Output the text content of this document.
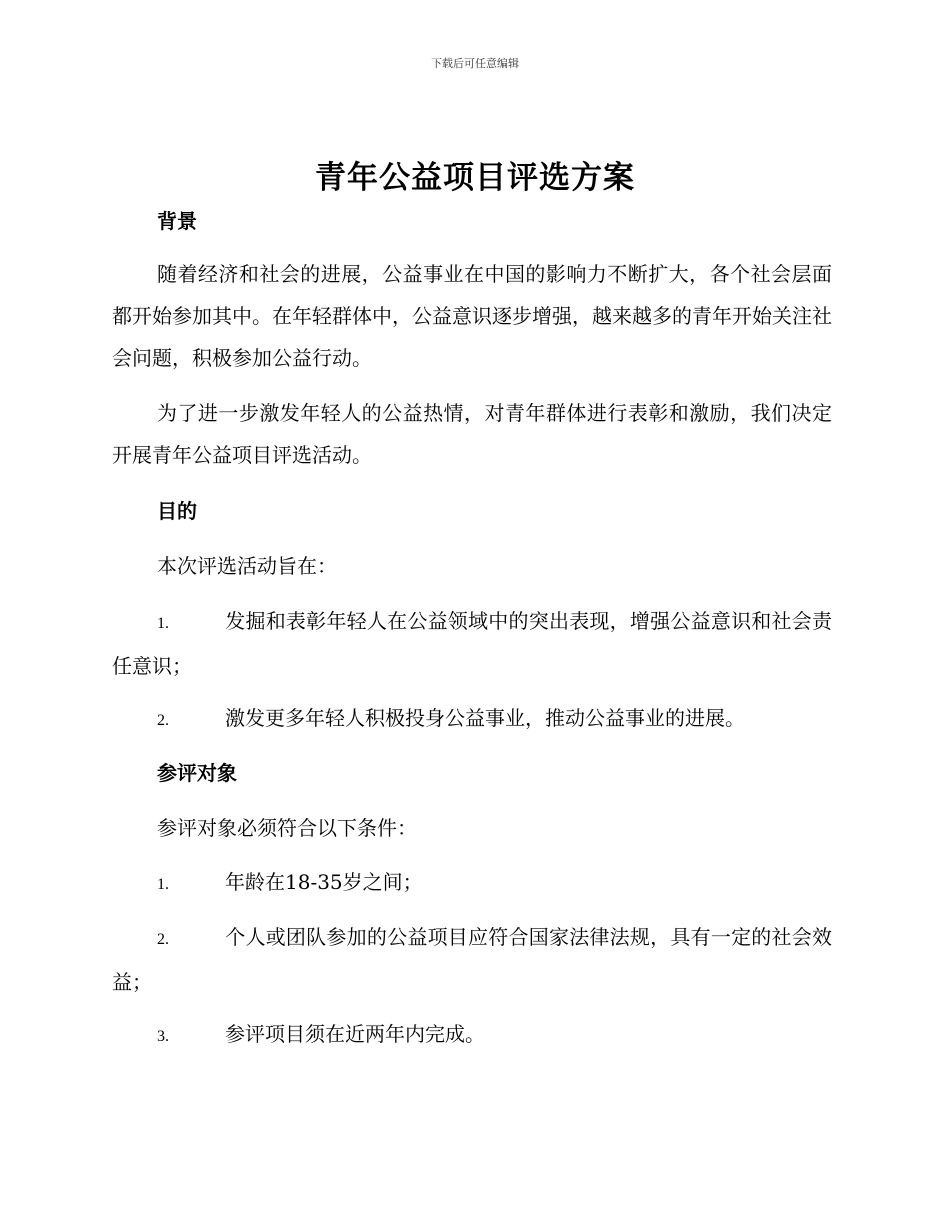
下载后可任意编辑
青年公益项目评选方案
背景
随着经济和社会的进展，公益事业在中国的影响力不断扩大，各个社会层面都开始参加其中。在年轻群体中，公益意识逐步增强，越来越多的青年开始关注社会问题，积极参加公益行动。
为了进一步激发年轻人的公益热情，对青年群体进行表彰和激励，我们决定开展青年公益项目评选活动。
目的
本次评选活动旨在：
1.	发掘和表彰年轻人在公益领域中的突出表现，增强公益意识和社会责任意识；
2.	激发更多年轻人积极投身公益事业，推动公益事业的进展。
参评对象
参评对象必须符合以下条件：
1.	年龄在18-35岁之间；
2.	个人或团队参加的公益项目应符合国家法律法规，具有一定的社会效益；
3.	参评项目须在近两年内完成。
